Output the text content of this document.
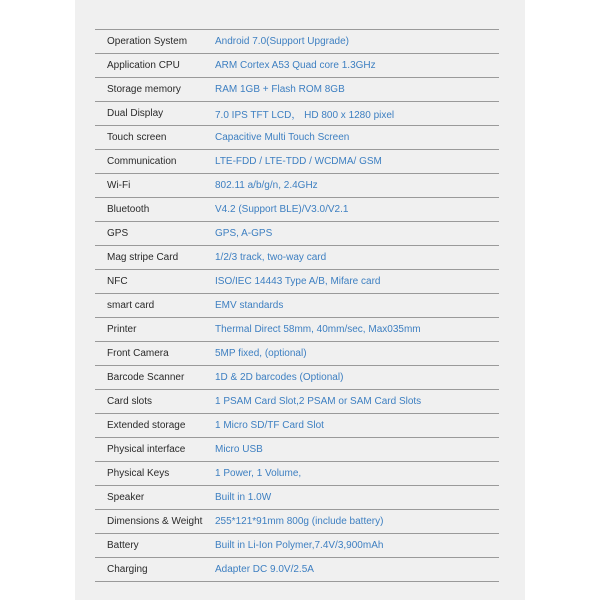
Operation System	Android 7.0(Support Upgrade)
Application CPU	ARM Cortex A53 Quad core 1.3GHz
Storage memory	RAM 1GB + Flash ROM 8GB
Dual Display	7.0 IPS TFT LCD， HD 800 x 1280 pixel
Touch screen	Capacitive Multi Touch Screen
Communication	LTE-FDD / LTE-TDD / WCDMA/ GSM
Wi-Fi	802.11 a/b/g/n, 2.4GHz
Bluetooth	V4.2 (Support BLE)/V3.0/V2.1
GPS	GPS, A-GPS
Mag stripe Card	1/2/3 track, two-way card
NFC	ISO/IEC 14443 Type A/B, Mifare card
smart card	EMV standards
Printer	Thermal Direct 58mm, 40mm/sec, Max035mm
Front Camera	5MP fixed, (optional)
Barcode Scanner	1D & 2D barcodes (Optional)
Card slots	1 PSAM Card Slot,2 PSAM or SAM Card Slots
Extended storage	1 Micro SD/TF Card Slot
Physical interface	Micro USB
Physical Keys	1 Power, 1 Volume,
Speaker	Built in 1.0W
Dimensions & Weight	255*121*91mm 800g (include battery)
Battery	Built in Li-Ion Polymer,7.4V/3,900mAh
Charging	Adapter DC 9.0V/2.5A
